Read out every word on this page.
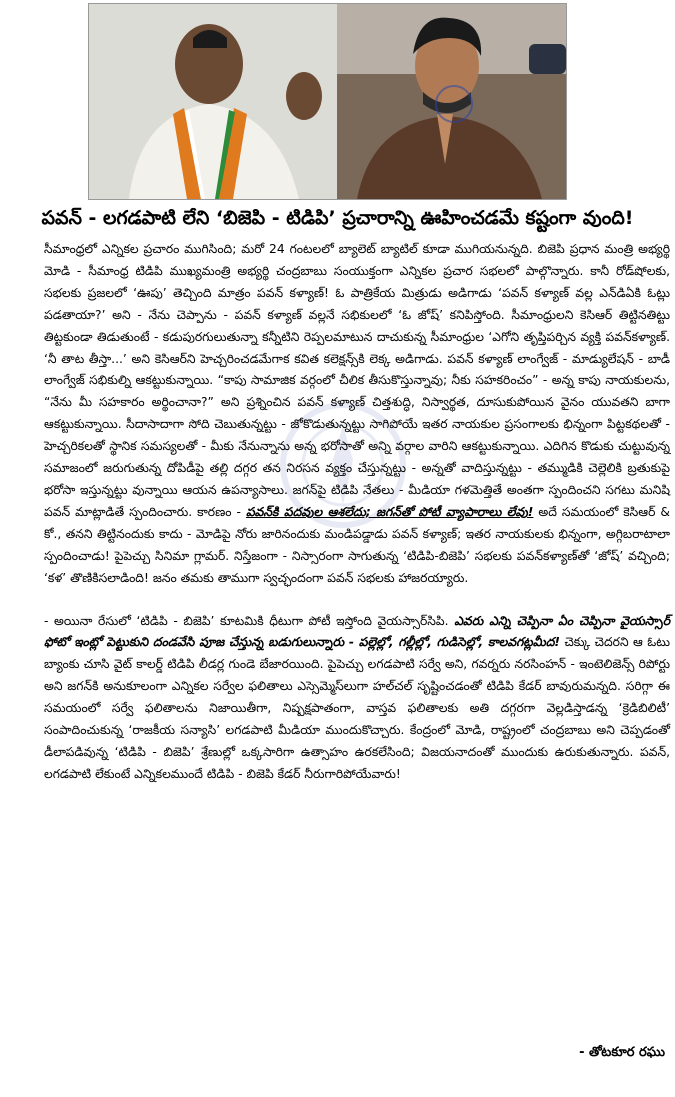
పవన్ - లగడపాటి లేని ‘బిజెపి - టిడిపి’ ప్రచారాన్ని ఊహించడమే కష్టంగా వుంది!

సీమాంధ్రలో ఎన్నికల ప్రచారం ముగిసింది; మరో 24 గంటలలో బ్యాలెట్ బ్యాటిల్ కూడా ముగియనున్నది. బిజెపి ప్రధాన మంత్రి అభ్యర్థి మోడి - సీమాంధ్ర టిడిపి ముఖ్యమంత్రి అభ్యర్థి చంద్రబాబు సంయుక్తంగా ఎన్నికల ప్రచార సభలలో పాల్గొన్నారు. కానీ రోడ్‌షోలకు, సభలకు ప్రజలలో ‘ఊపు’ తెచ్చింది మాత్రం పవన్ కళ్యాణ్! ఓ పాత్రికేయ మిత్రుడు అడిగాడు ‘పవన్ కళ్యాణ్ వల్ల ఎన్‌డిఏకి ఓట్లు పడతాయా?’ అని - నేను చెప్పాను - పవన్ కళ్యాణ్ వల్లనే సభికులలో ‘ఓ జోష్’ కనిపిస్తోంది. సీమాంధ్రులని కెసిఆర్ తిట్టినతిట్టు తిట్టకుండా తిడుతుంటే - కడుపురగులుతున్నా కన్నీటిని రెప్పలమాటున దాచుకున్న సీమాంధ్రుల ‘ఎగోని తృప్తిపర్చిన వ్యక్తి పవన్‌కళ్యాణ్. ‘నీ తాట తీస్తా...’ అని కెసిఆర్‌ని హెచ్చరించడమేగాక కవిత కలెక్షన్స్‌కి లెక్క అడిగాడు. పవన్ కళ్యాణ్ లాంగ్వేజ్ - మాడ్యులేషన్ - బాడీ లాంగ్వేజ్ సభికుల్ని ఆకట్టుకున్నాయి. “కాపు సామాజిక వర్గంలో చీలిక తీసుకొస్తున్నావు; నీకు సహకరించం” - అన్న కాపు నాయకులను, “నేను మీ సహకారం అర్థించానా?” అని ప్రశ్నించిన పవన్ కళ్యాణ్ చిత్తశుద్ధి, నిస్వార్థత, దూసుకుపోయిన వైనం యువతని బాగా ఆకట్టుకున్నాయి. సీదాసాదాగా సోది చెబుతున్నట్టు - జోకొడుతున్నట్టు సాగిపోయే ఇతర నాయకుల ప్రసంగాలకు భిన్నంగా పిట్టకథలతో - హెచ్చరికలతో స్థానిక సమస్యలతో - మీకు నేనున్నాను అన్న భరోసాతో అన్ని వర్గాల వారిని ఆకట్టుకున్నాయి. ఎదిగిన కొడుకు చుట్టువున్న సమాజంలో జరుగుతున్న దోపిడీపై తల్లి దగ్గర తన నిరసన వ్యక్తం చేస్తున్నట్టు - అన్నతో వాదిస్తున్నట్టు - తమ్ముడికి చెల్లెలికి బ్రతుకుపై భరోసా ఇస్తున్నట్టు వున్నాయి ఆయన ఉపన్యాసాలు. జగన్‌పై టిడిపి నేతలు - మీడియా గళమెత్తితే అంతగా స్పందించని సగటు మనిషి పవన్ మాట్లాడితే స్పందించారు. కారణం - పవన్‌కి పదవుల ఆశలేదు; జగన్‌తో పోటీ వ్యాపారాలు లేవు! అదే సమయంలో కెసిఆర్ & కో., తనని తిట్టినందుకు కాదు - మోడిపై నోరు జారినందుకు మండిపడ్డాడు పవన్ కళ్యాణ్; ఇతర నాయకులకు భిన్నంగా, అగ్గిబరాటాలా స్పందించాడు! పైపెచ్చు సినిమా గ్లామర్. నిస్తేజంగా - నిస్సారంగా సాగుతున్న ‘టిడిపి-బిజెపి’ సభలకు పవన్‌కళ్యాణ్‌తో ‘జోష్’ వచ్చింది; ‘కళ’ తొణికిసలాడింది! జనం తమకు తాముగా స్వచ్ఛందంగా పవన్ సభలకు హాజరయ్యారు.

- అయినా రేసులో ‘టిడిపి - బిజెపి’ కూటమికి ధీటుగా పోటీ ఇస్తోంది వైయస్సార్‌సిపి. ఎవరు ఎన్ని చెప్పినా ఏం చెప్పినా వైయస్సార్ ఫోటో ఇంట్లో పెట్టుకుని దండవేసి పూజ చేస్తున్న బడుగులున్నారు - పల్లెల్లో, గల్లీల్లో, గుడిసెల్లో, కాలవగట్లమీద! చెక్కు చెదరని ఆ ఓటు బ్యాంకు చూసి వైట్ కాలర్డ్ టిడిపి లీడర్ల గుండె బేజారయింది. పైపెచ్చు లగడపాటి సర్వే అని, గవర్నరు నరసింహన్ - ఇంటెలిజెన్స్ రిపోర్టు అని జగన్‌కి అనుకూలంగా ఎన్నికల సర్వేల ఫలితాలు ఎస్సెమ్మెస్‌లుగా హల్‌చల్ సృష్టించడంతో టిడిపి కేడర్ బావురుమన్నది. సరిగ్గా ఈ సమయంలో సర్వే ఫలితాలను నిజాయితీగా, నిష్పక్షపాతంగా, వాస్తవ ఫలితాలకు అతి దగ్గరగా వెల్లడిస్తాడన్న ‘క్రెడిబిలిటీ’ సంపాదించుకున్న ‘రాజకీయ సన్యాసి’ లగడపాటి మీడియా ముందుకొచ్చారు. కేంద్రంలో మోడి, రాష్ట్రంలో చంద్రబాబు అని చెప్పడంతో డీలాపడివున్న ‘టిడిపి - బిజెపి’ శ్రేణుల్లో ఒక్కసారిగా ఉత్సాహం ఉరకలేసింది; విజయనాదంతో ముందుకు ఉరుకుతున్నారు. పవన్, లగడపాటి లేకుంటే ఎన్నికలముందే టిడిపి - బిజెపి కేడర్ నీరుగారిపోయేవారు!

- తోటకూర రఘు
